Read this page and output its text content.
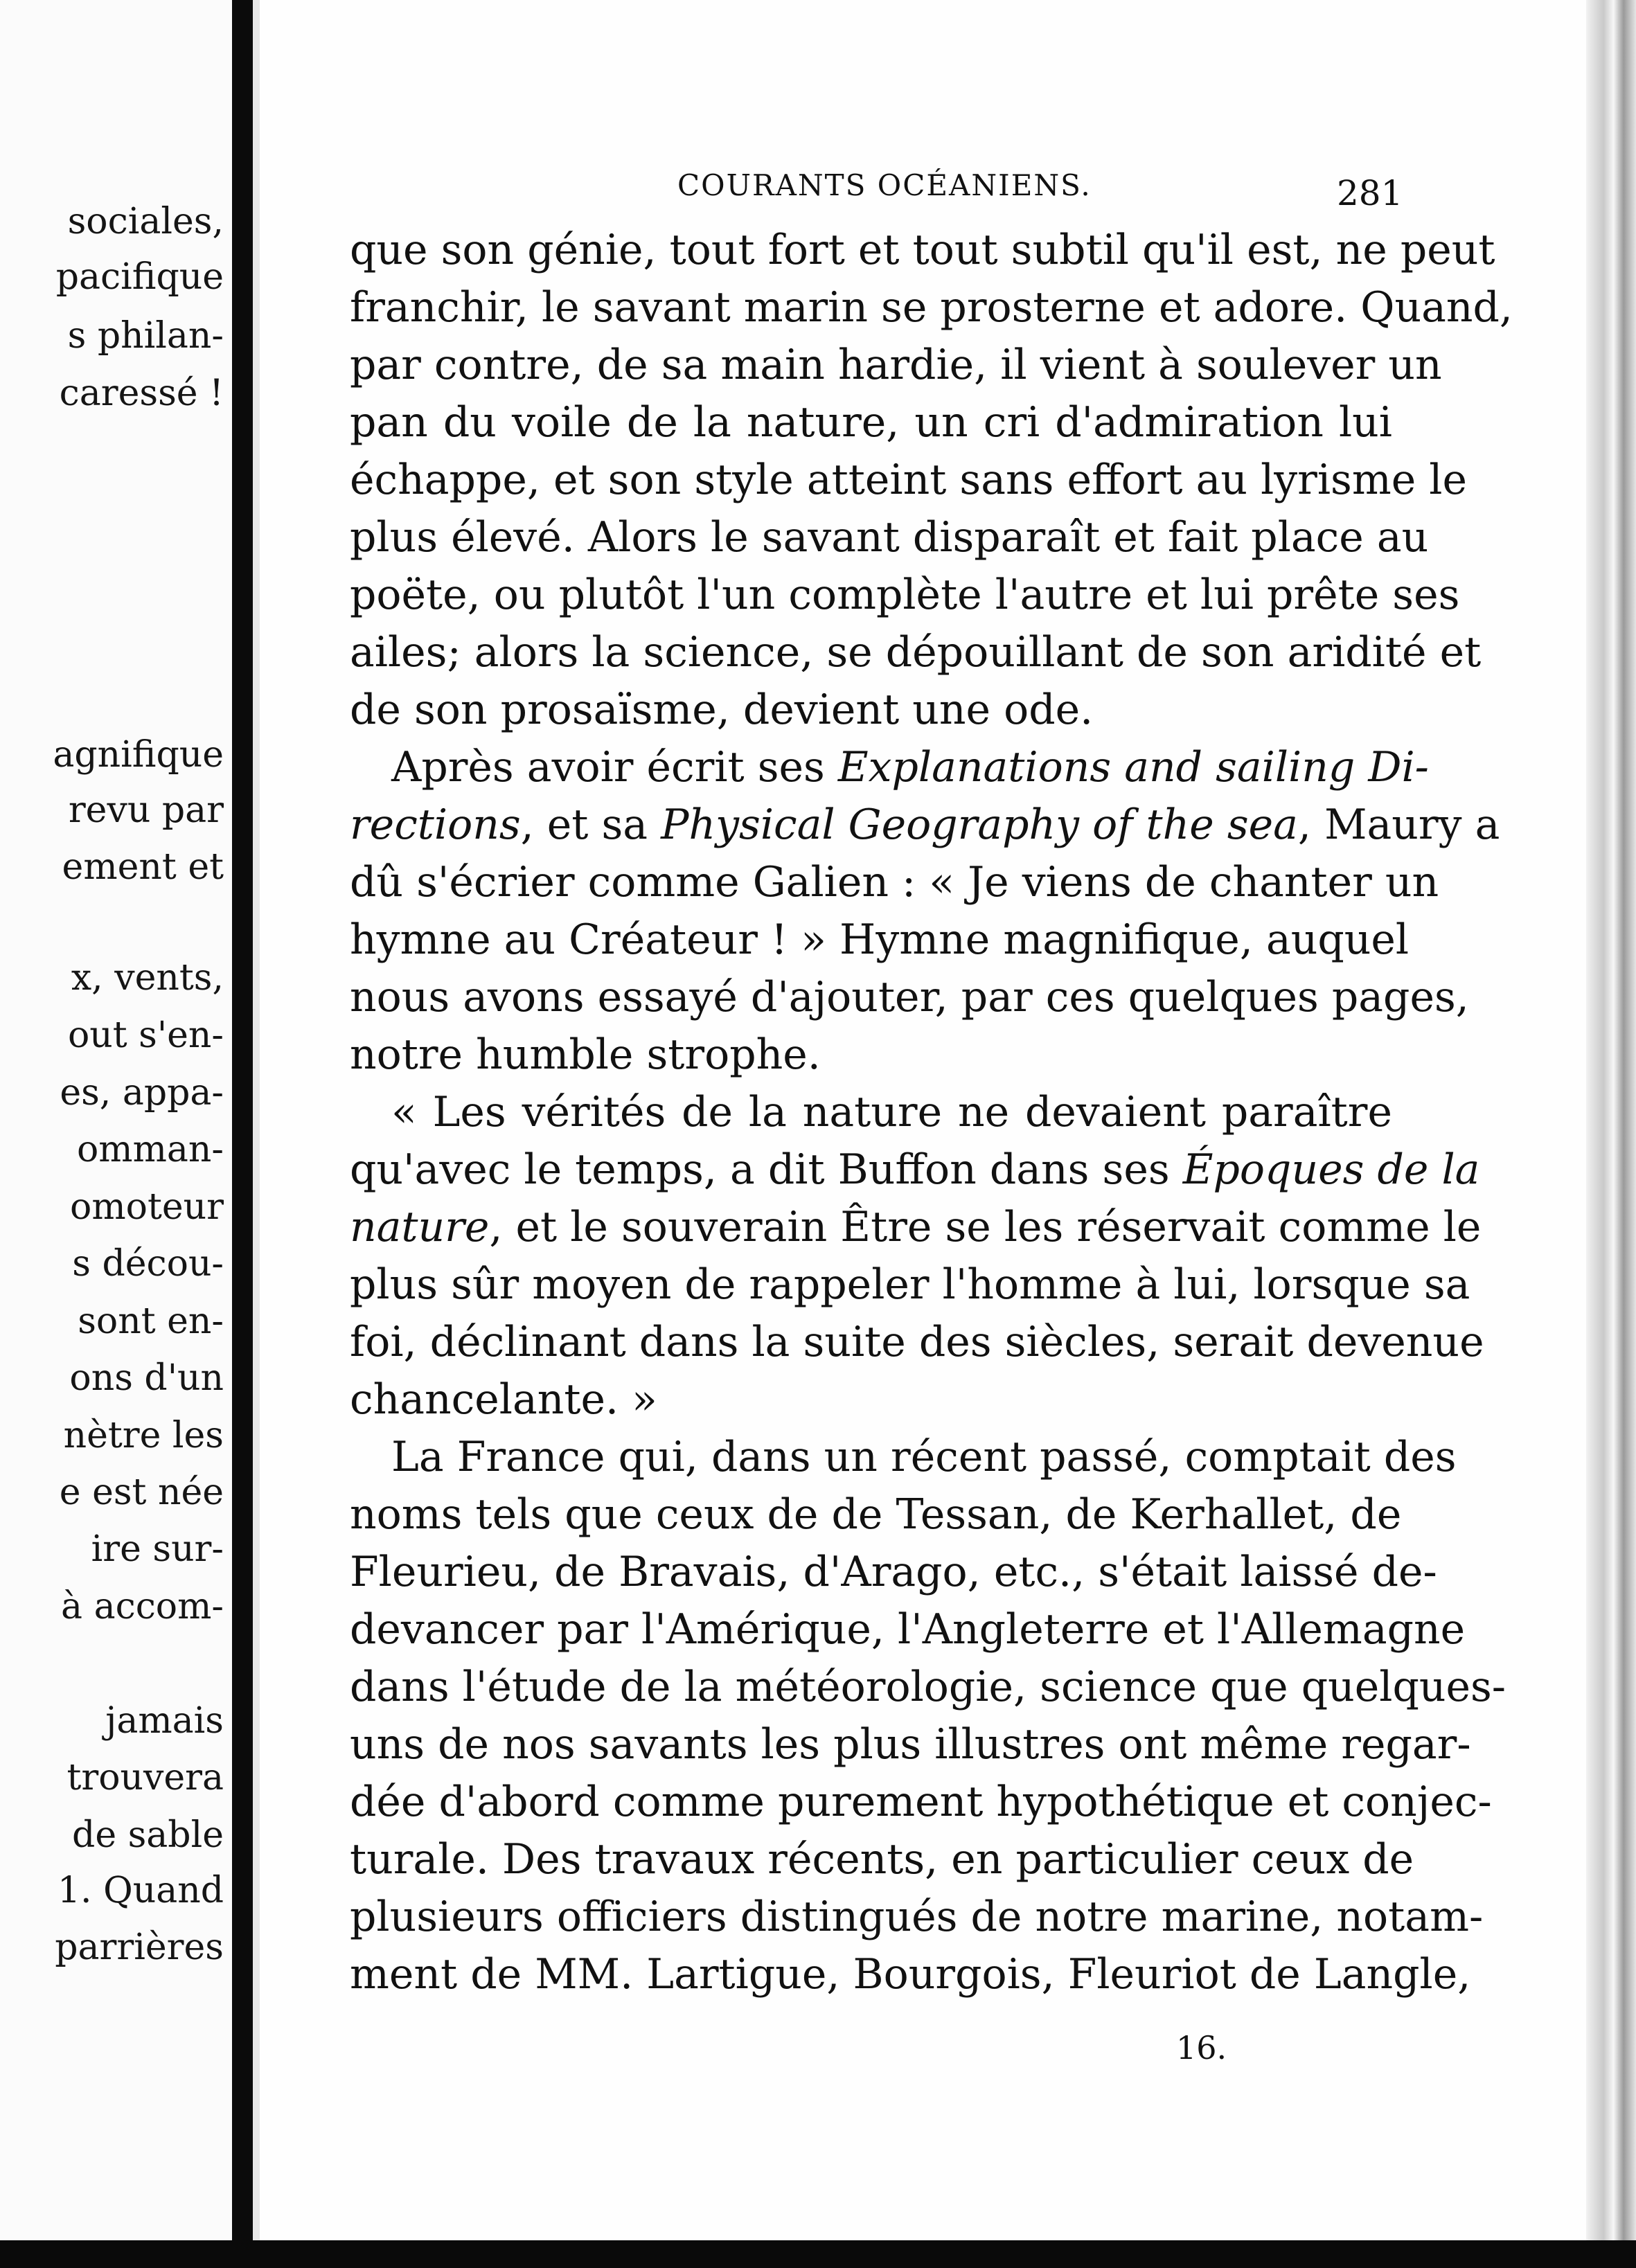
sociales,
pacifique
s philan-
caressé !
agnifique
revu par
ement et
x, vents,
out s'en-
es, appa-
omman-
omoteur
s décou-
sont en-
ons d'un
nètre les
e est née
ire sur-
à accom-
jamais
trouvera
de sable
1. Quand
parrières
COURANTS OCÉANIENS.	281
que son génie, tout fort et tout subtil qu'il est, ne peut
franchir, le savant marin se prosterne et adore. Quand,
par contre, de sa main hardie, il vient à soulever un
pan du voile de la nature, un cri d'admiration lui
échappe, et son style atteint sans effort au lyrisme le
plus élevé. Alors le savant disparaît et fait place au
poëte, ou plutôt l'un complète l'autre et lui prête ses
ailes; alors la science, se dépouillant de son aridité et
de son prosaïsme, devient une ode.
Après avoir écrit ses Explanations and sailing Di-
rections, et sa Physical Geography of the sea, Maury a
dû s'écrier comme Galien : « Je viens de chanter un
hymne au Créateur ! » Hymne magnifique, auquel
nous avons essayé d'ajouter, par ces quelques pages,
notre humble strophe.
« Les vérités de la nature ne devaient paraître
qu'avec le temps, a dit Buffon dans ses Époques de la
nature, et le souverain Être se les réservait comme le
plus sûr moyen de rappeler l'homme à lui, lorsque sa
foi, déclinant dans la suite des siècles, serait devenue
chancelante. »
La France qui, dans un récent passé, comptait des
noms tels que ceux de de Tessan, de Kerhallet, de
Fleurieu, de Bravais, d'Arago, etc., s'était laissé de-
devancer par l'Amérique, l'Angleterre et l'Allemagne
dans l'étude de la météorologie, science que quelques-
uns de nos savants les plus illustres ont même regar-
dée d'abord comme purement hypothétique et conjec-
turale. Des travaux récents, en particulier ceux de
plusieurs officiers distingués de notre marine, notam-
ment de MM. Lartigue, Bourgois, Fleuriot de Langle,
16.
